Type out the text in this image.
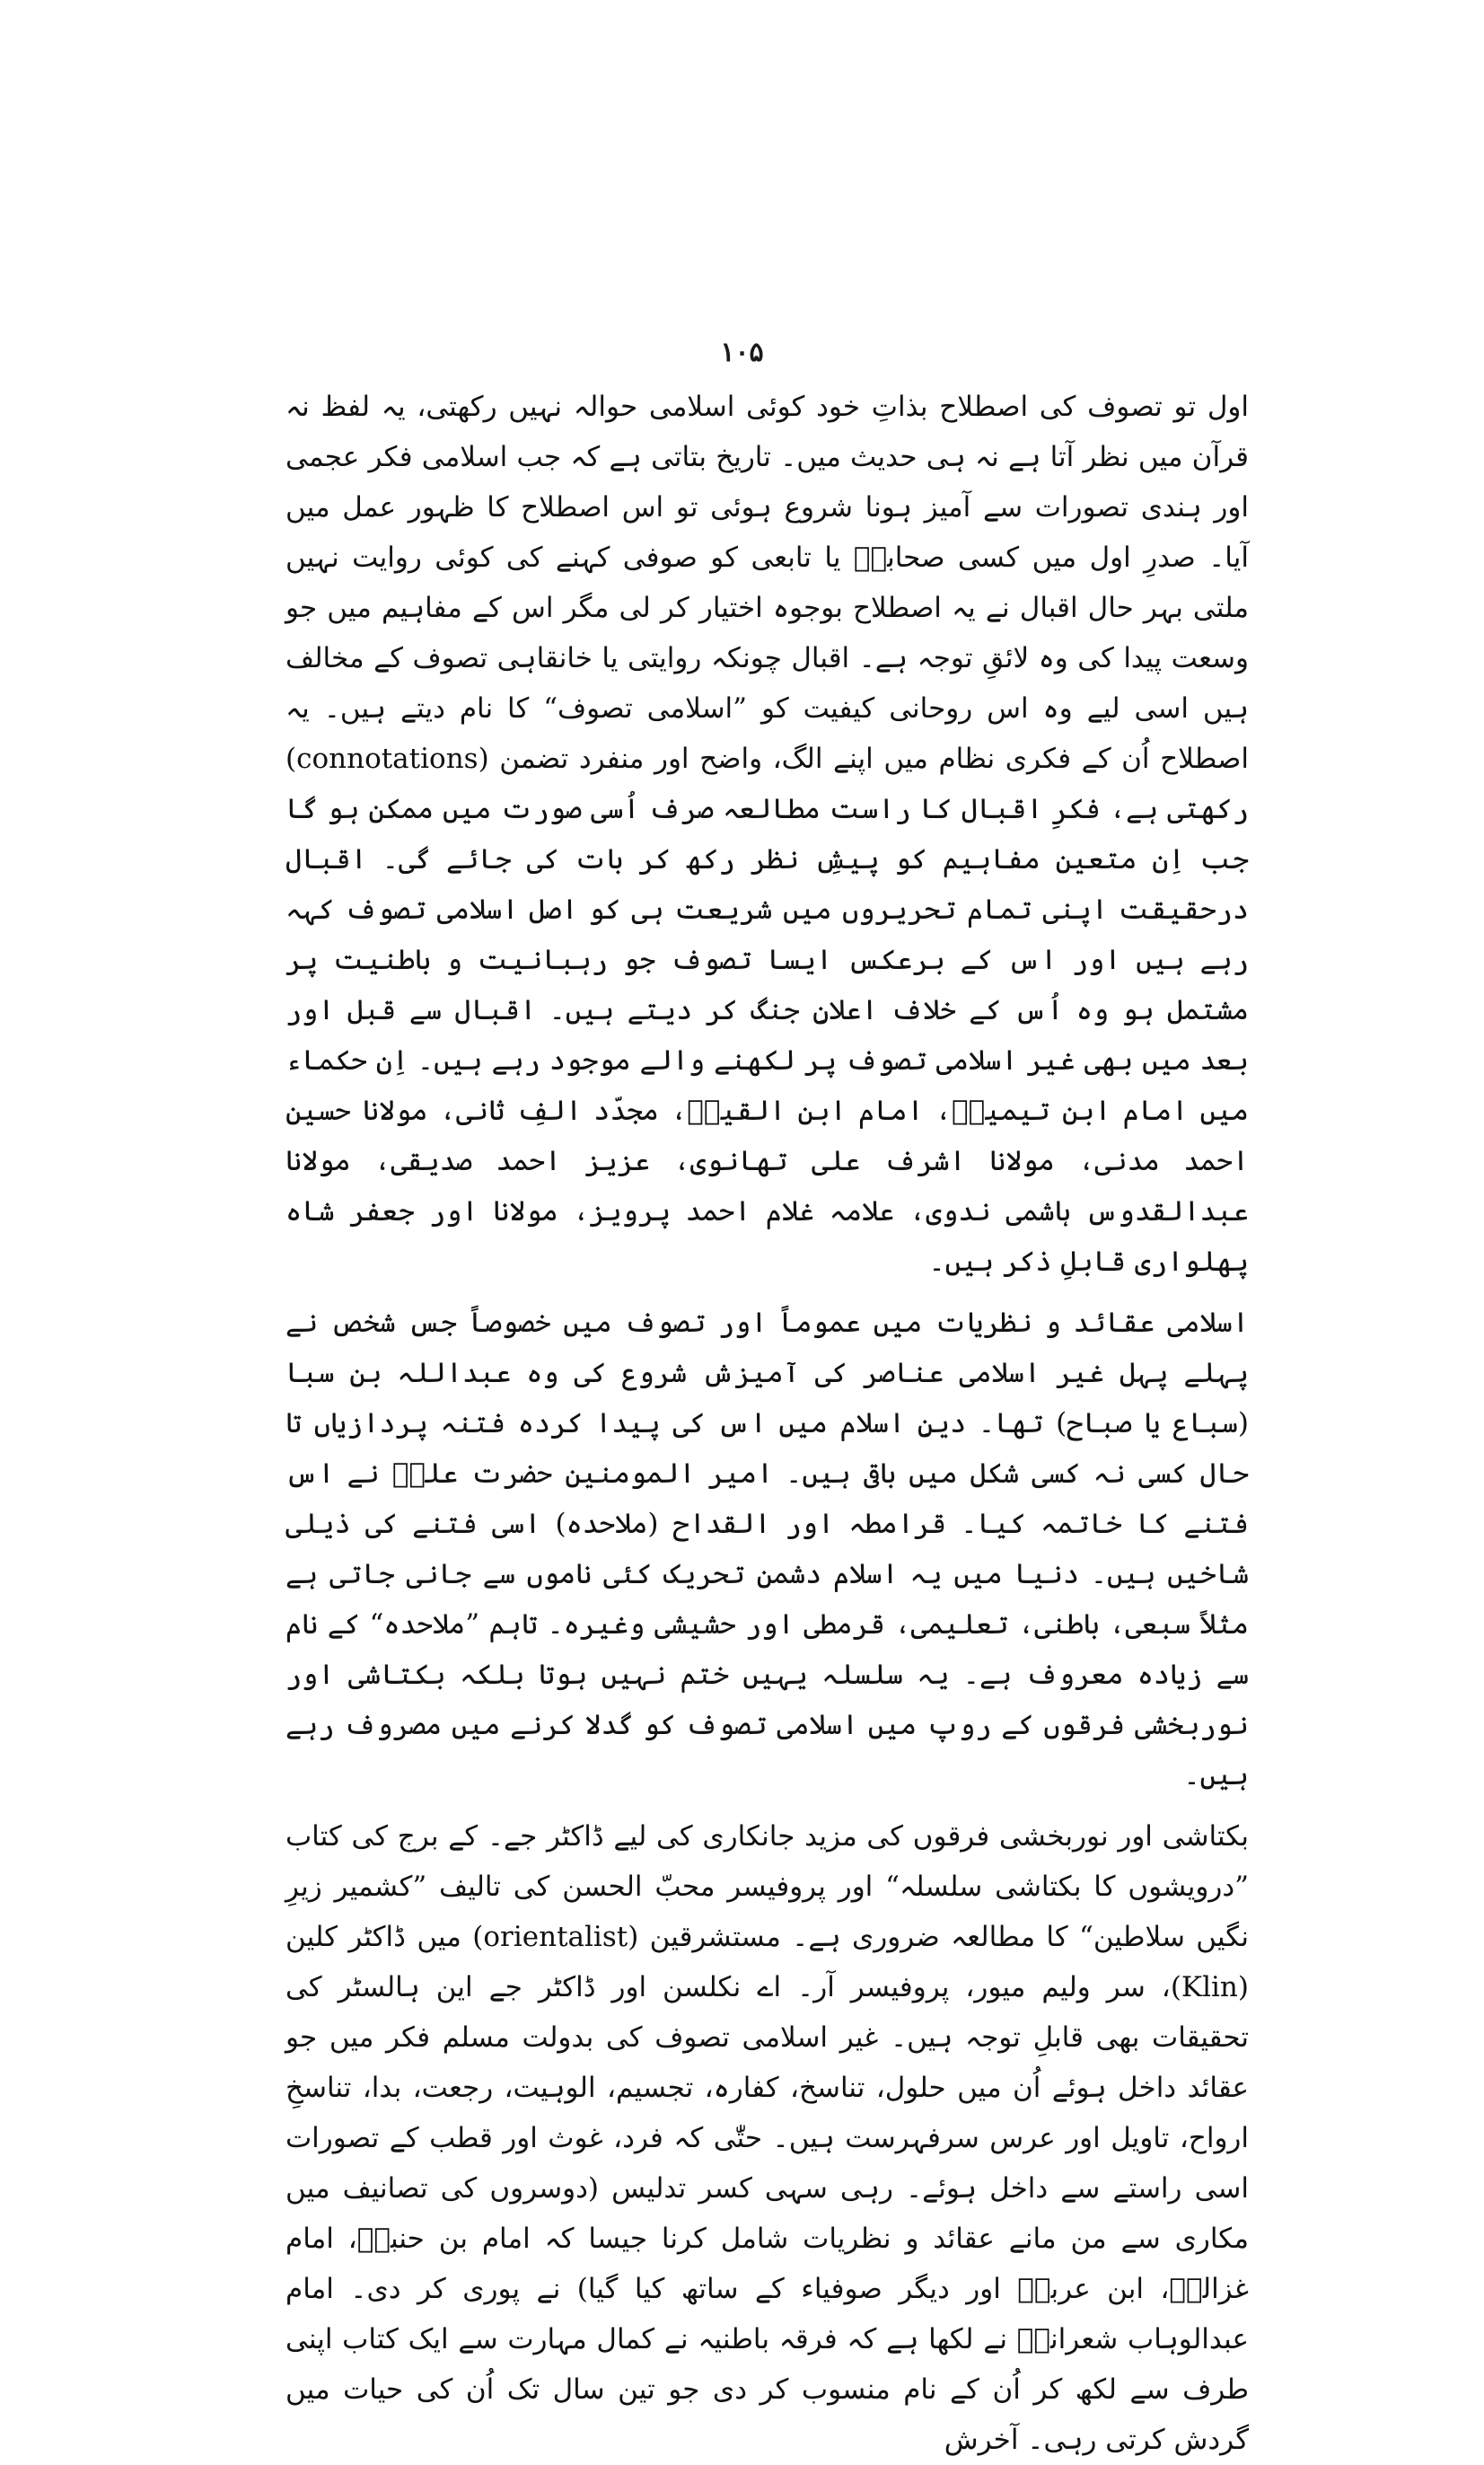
۱۰۵

اول تو تصوف کی اصطلاح بذاتِ خود کوئی اسلامی حوالہ نہیں رکھتی، یہ لفظ نہ قرآن میں نظر آتا ہے نہ ہی حدیث میں۔ تاریخ بتاتی ہے کہ جب اسلامی فکر عجمی اور ہندی تصورات سے آمیز ہونا شروع ہوئی تو اس اصطلاح کا ظہور عمل میں آیا۔ صدرِ اول میں کسی صحابیؓ یا تابعی کو صوفی کہنے کی کوئی روایت نہیں ملتی بہر حال اقبال نے یہ اصطلاح بوجوہ اختیار کر لی مگر اس کے مفاہیم میں جو وسعت پیدا کی وہ لائقِ توجہ ہے۔ اقبال چونکہ روایتی یا خانقاہی تصوف کے مخالف ہیں اسی لیے وہ اس روحانی کیفیت کو ”اسلامی تصوف“ کا نام دیتے ہیں۔ یہ اصطلاح اُن کے فکری نظام میں اپنے الگ، واضح اور منفرد تضمن (connotations) رکھتی ہے، فکرِ اقبال کا راست مطالعہ صرف اُسی صورت میں ممکن ہو گا جب اِن متعین مفاہیم کو پیشِ نظر رکھ کر بات کی جائے گی۔ اقبال درحقیقت اپنی تمام تحریروں میں شریعت ہی کو اصل اسلامی تصوف کہہ رہے ہیں اور اس کے برعکس ایسا تصوف جو رہبانیت و باطنیت پر مشتمل ہو وہ اُس کے خلاف اعلانِ جنگ کر دیتے ہیں۔ اقبال سے قبل اور بعد میں بھی غیر اسلامی تصوف پر لکھنے والے موجود رہے ہیں۔ اِن حکماء میں امام ابن تیمیہؒ، امام ابن القیمؒ، مجدّد الفِ ثانی، مولانا حسین احمد مدنی، مولانا اشرف علی تھانوی، عزیز احمد صدیقی، مولانا عبدالقدوس ہاشمی ندوی، علامہ غلام احمد پرویز، مولانا اور جعفر شاہ پھلواری قابلِ ذکر ہیں۔

اسلامی عقائد و نظریات میں عموماً اور تصوف میں خصوصاً جس شخص نے پہلے پہل غیر اسلامی عناصر کی آمیزش شروع کی وہ عبداللہ بن سبا (سباع یا صباح) تھا۔ دینِ اسلام میں اس کی پیدا کردہ فتنہ پردازیاں تا حال کسی نہ کسی شکل میں باقی ہیں۔ امیر المومنین حضرت علیؓ نے اس فتنے کا خاتمہ کیا۔ قرامطہ اور القداح (ملاحدہ) اسی فتنے کی ذیلی شاخیں ہیں۔ دنیا میں یہ اسلام دشمن تحریک کئی ناموں سے جانی جاتی ہے مثلاً سبعی، باطنی، تعلیمی، قرمطی اور حشیشی وغیرہ۔ تاہم ”ملاحدہ“ کے نام سے زیادہ معروف ہے۔ یہ سلسلہ یہیں ختم نہیں ہوتا بلکہ بکتاشی اور نوربخشی فرقوں کے روپ میں اسلامی تصوف کو گدلا کرنے میں مصروف رہے ہیں۔

بکتاشی اور نوربخشی فرقوں کی مزید جانکاری کی لیے ڈاکٹر جے۔ کے برج کی کتاب ”درویشوں کا بکتاشی سلسلہ“ اور پروفیسر محبّ الحسن کی تالیف ”کشمیر زیرِ نگیں سلاطین“ کا مطالعہ ضروری ہے۔ مستشرقین (orientalist) میں ڈاکٹر کلین (Klin)، سر ولیم میور، پروفیسر آر۔ اے نکلسن اور ڈاکٹر جے این ہالسٹر کی تحقیقات بھی قابلِ توجہ ہیں۔ غیر اسلامی تصوف کی بدولت مسلم فکر میں جو عقائد داخل ہوئے اُن میں حلول، تناسخ، کفارہ، تجسیم، الوہیت، رجعت، بدا، تناسخِ ارواح، تاویل اور عرس سرفہرست ہیں۔ حتّٰی کہ فرد، غوث اور قطب کے تصورات اسی راستے سے داخل ہوئے۔ رہی سہی کسر تدلیس (دوسروں کی تصانیف میں مکاری سے من مانے عقائد و نظریات شامل کرنا جیسا کہ امام بن حنبلؒ، امام غزالیؒ، ابن عربیؒ اور دیگر صوفیاء کے ساتھ کیا گیا) نے پوری کر دی۔ امام عبدالوہاب شعرانیؒ نے لکھا ہے کہ فرقہ باطنیہ نے کمال مہارت سے ایک کتاب اپنی طرف سے لکھ کر اُن کے نام منسوب کر دی جو تین سال تک اُن کی حیات میں گردش کرتی رہی۔ آخرش
